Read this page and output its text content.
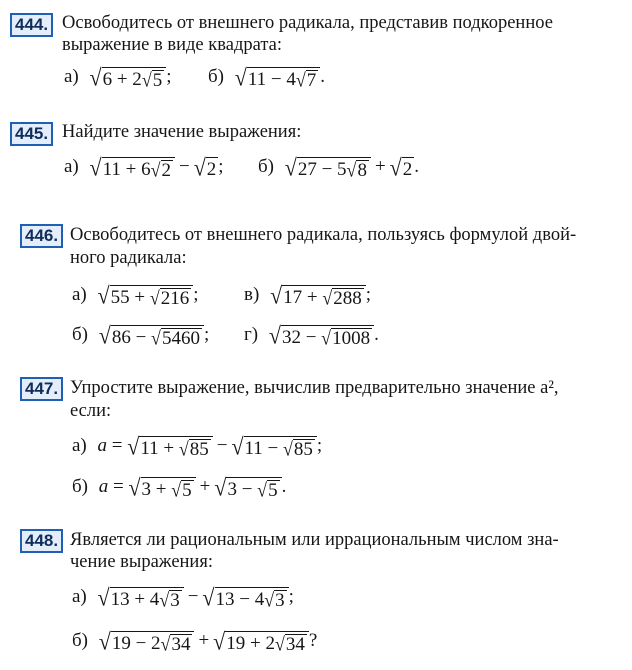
444. Освободитесь от внешнего радикала, представив подкоренное
выражение в виде квадрата:
а) √ 6 + 2 √ 5 ; б) √ 11 − 4 √ 7 .
445. Найдите значение выражения:
а) √ 11 + 6 √ 2 − √ 2 ; б) √ 27 − 5 √ 8 + √ 2 .
446. Освободитесь от внешнего радикала, пользуясь формулой двой-
ного радикала:
а) √ 55 + √ 216 ; в) √ 17 + √ 288 ;
б) √ 86 − √ 5460 ; г) √ 32 − √ 1008 .
447. Упростите выражение, вычислив предварительно значение a²,
если:
а) a = √ 11 + √ 85 − √ 11 − √ 85 ;
б) a = √ 3 + √ 5 + √ 3 − √ 5 .
448. Является ли рациональным или иррациональным числом зна-
чение выражения:
а) √ 13 + 4 √ 3 − √ 13 − 4 √ 3 ;
б) √ 19 − 2 √ 34 + √ 19 + 2 √ 34 ?
